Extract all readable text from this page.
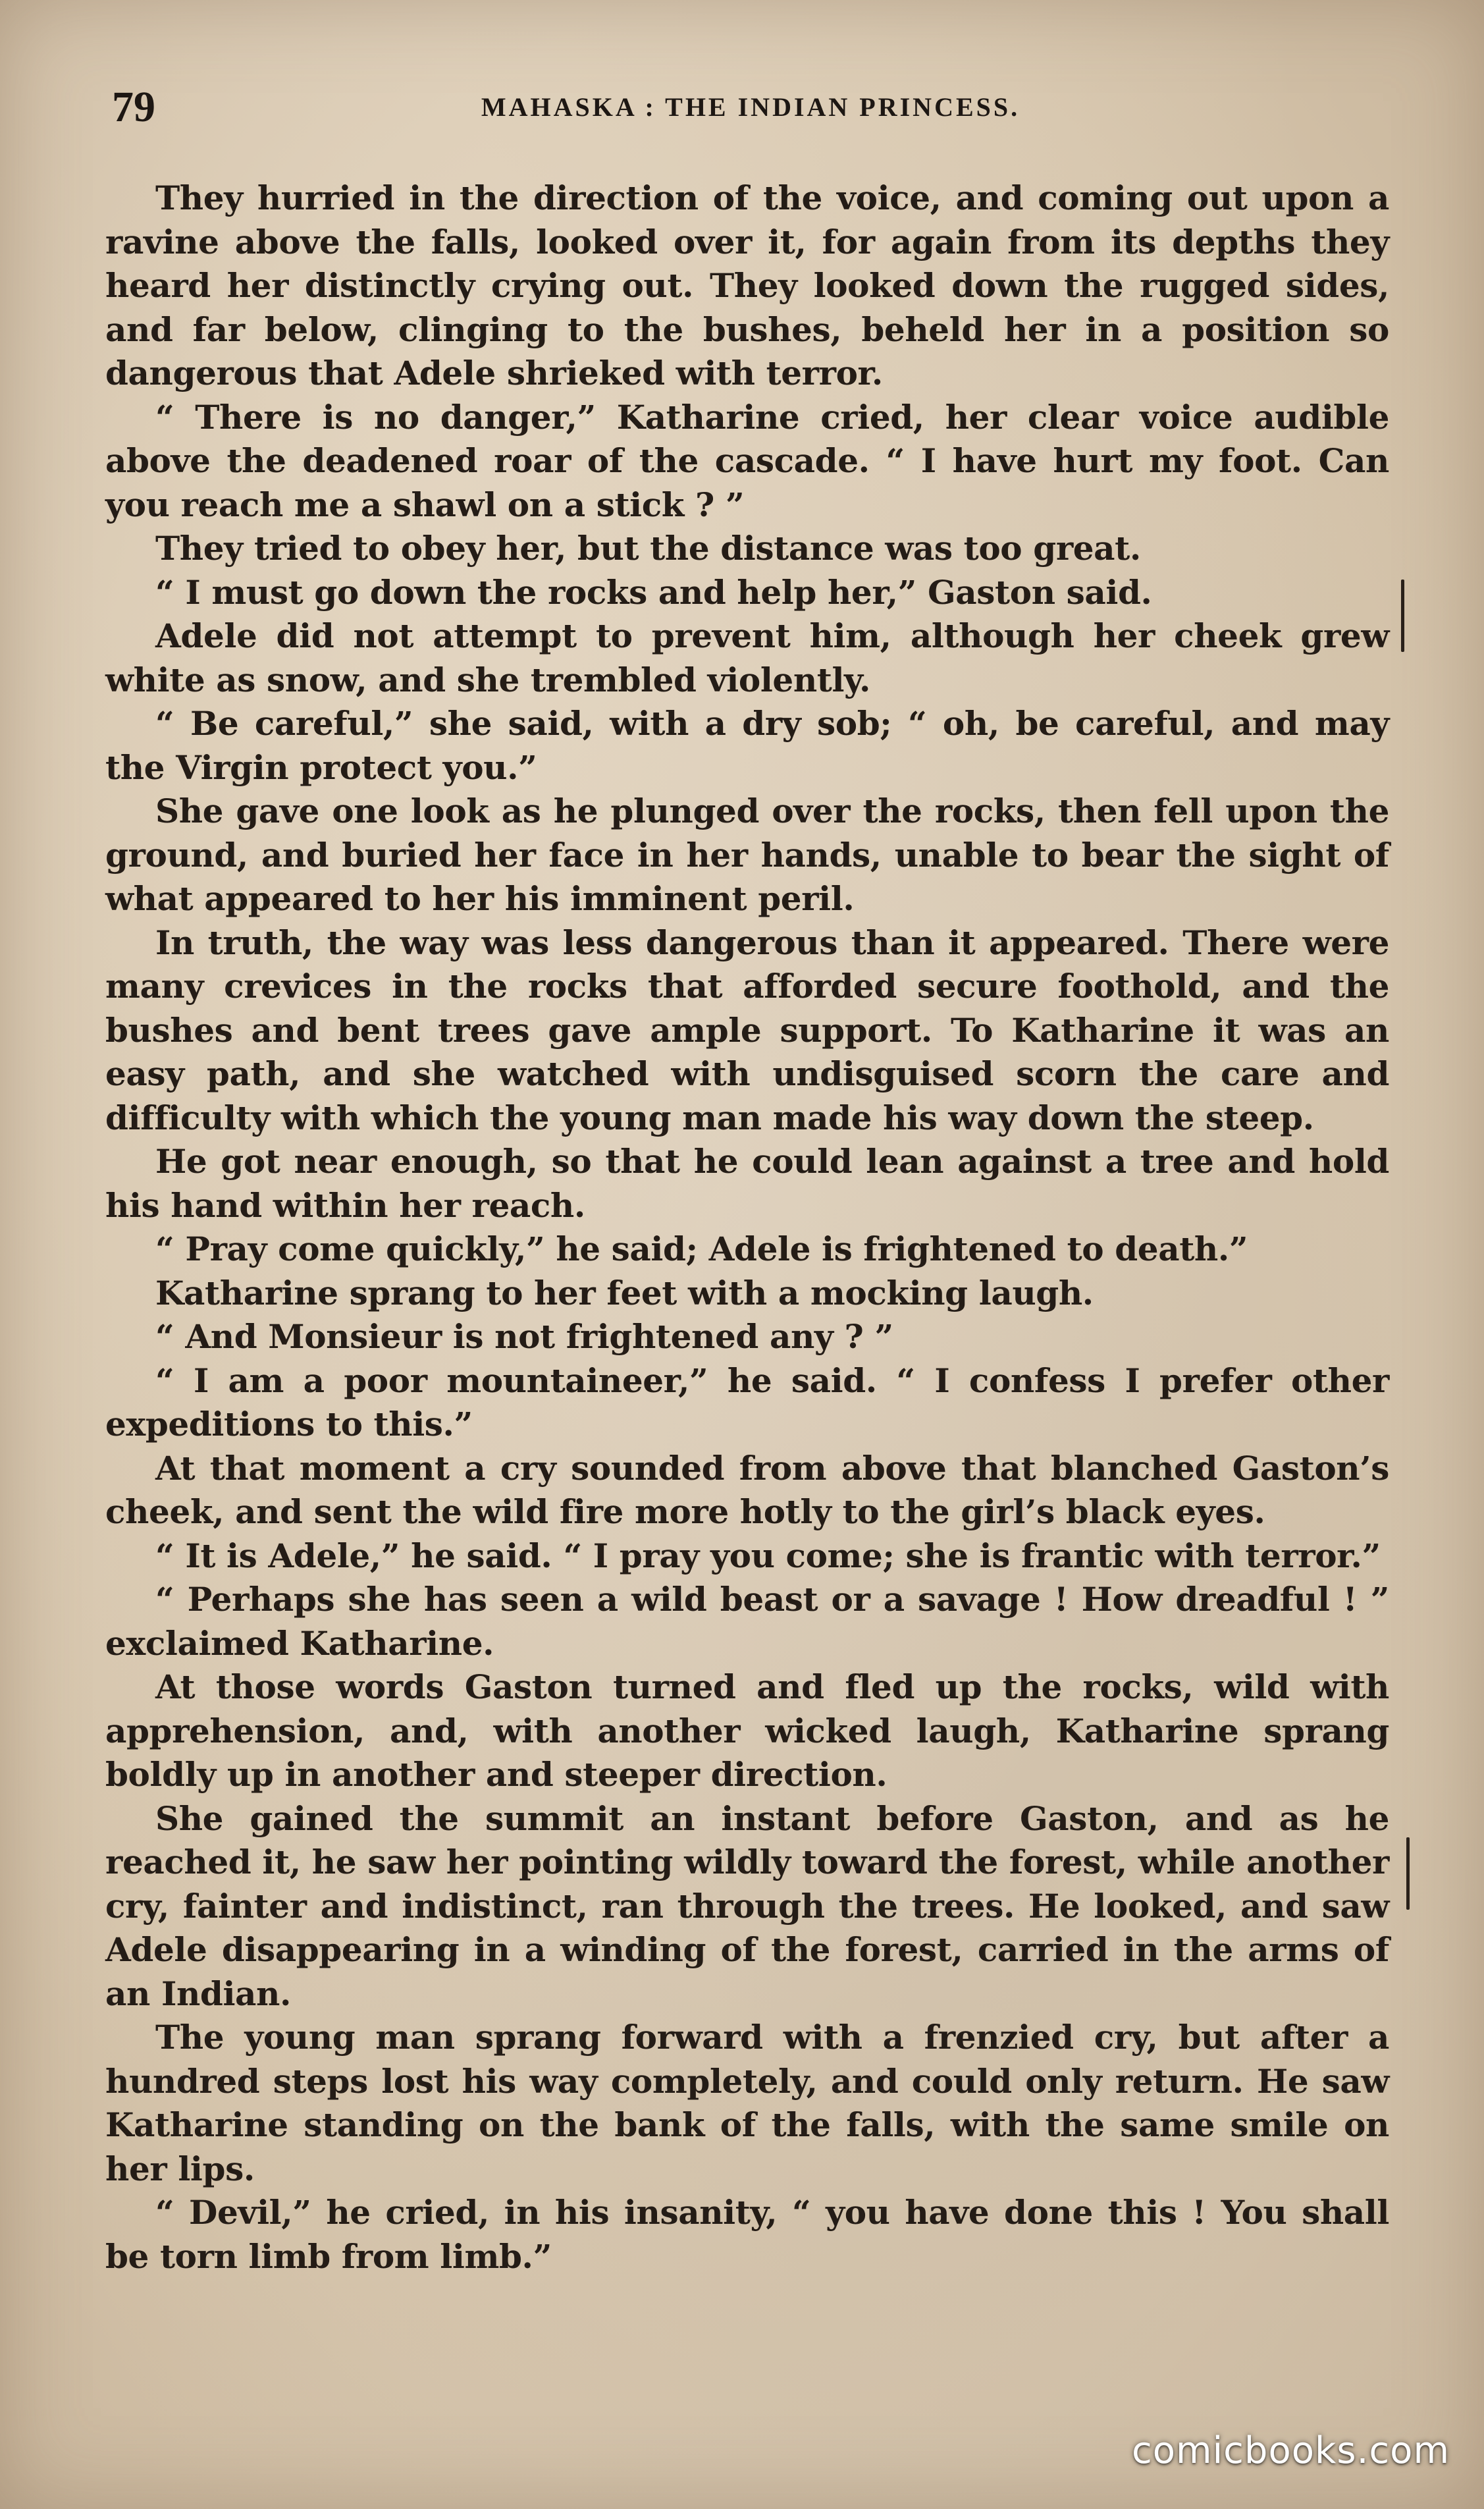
79	MAHASKA : THE INDIAN PRINCESS.

They hurried in the direction of the voice, and coming out upon a ravine above the falls, looked over it, for again from its depths they heard her distinctly crying out. They looked down the rugged sides, and far below, clinging to the bushes, beheld her in a position so dangerous that Adele shrieked with terror.

“ There is no danger,” Katharine cried, her clear voice audible above the deadened roar of the cascade. “ I have hurt my foot. Can you reach me a shawl on a stick ? ”

They tried to obey her, but the distance was too great.

“ I must go down the rocks and help her,” Gaston said.

Adele did not attempt to prevent him, although her cheek grew white as snow, and she trembled violently.

“ Be careful,” she said, with a dry sob; “ oh, be careful, and may the Virgin protect you.”

She gave one look as he plunged over the rocks, then fell upon the ground, and buried her face in her hands, unable to bear the sight of what appeared to her his imminent peril.

In truth, the way was less dangerous than it appeared. There were many crevices in the rocks that afforded secure foothold, and the bushes and bent trees gave ample support. To Katharine it was an easy path, and she watched with undisguised scorn the care and difficulty with which the young man made his way down the steep.

He got near enough, so that he could lean against a tree and hold his hand within her reach.

“ Pray come quickly,” he said; Adele is frightened to death.”

Katharine sprang to her feet with a mocking laugh.

“ And Monsieur is not frightened any ? ”

“ I am a poor mountaineer,” he said. “ I confess I prefer other expeditions to this.”

At that moment a cry sounded from above that blanched Gaston’s cheek, and sent the wild fire more hotly to the girl’s black eyes.

“ It is Adele,” he said. “ I pray you come; she is frantic with terror.”

“ Perhaps she has seen a wild beast or a savage ! How dreadful ! ” exclaimed Katharine.

At those words Gaston turned and fled up the rocks, wild with apprehension, and, with another wicked laugh, Katharine sprang boldly up in another and steeper direction.

She gained the summit an instant before Gaston, and as he reached it, he saw her pointing wildly toward the forest, while another cry, fainter and indistinct, ran through the trees. He looked, and saw Adele disappearing in a winding of the forest, carried in the arms of an Indian.

The young man sprang forward with a frenzied cry, but after a hundred steps lost his way completely, and could only return. He saw Katharine standing on the bank of the falls, with the same smile on her lips.

“ Devil,” he cried, in his insanity, “ you have done this ! You shall be torn limb from limb.”

comicbooks.com
